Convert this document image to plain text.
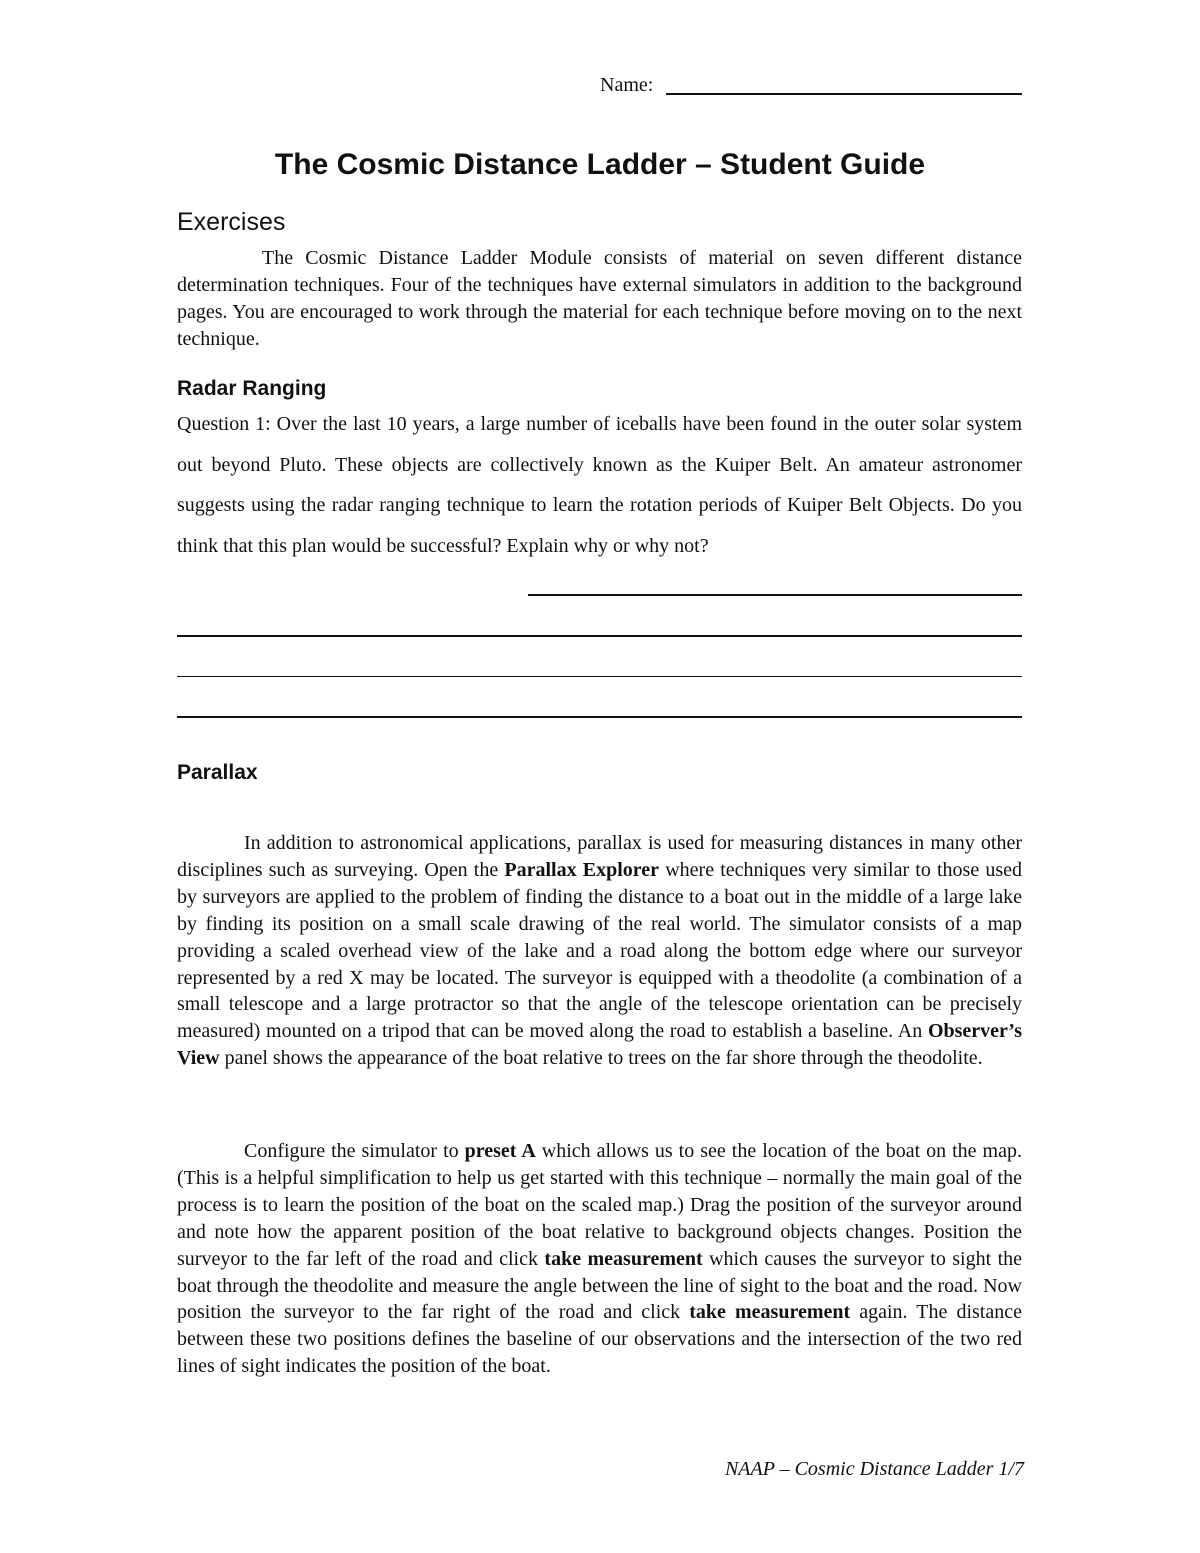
Name:
The Cosmic Distance Ladder – Student Guide
Exercises

The Cosmic Distance Ladder Module consists of material on seven different distance determination techniques. Four of the techniques have external simulators in addition to the background pages. You are encouraged to work through the material for each technique before moving on to the next technique.

Radar Ranging

Question 1: Over the last 10 years, a large number of iceballs have been found in the outer solar system out beyond Pluto. These objects are collectively known as the Kuiper Belt. An amateur astronomer suggests using the radar ranging technique to learn the rotation periods of Kuiper Belt Objects. Do you think that this plan would be successful? Explain why or why not?

Parallax

In addition to astronomical applications, parallax is used for measuring distances in many other disciplines such as surveying. Open the Parallax Explorer where techniques very similar to those used by surveyors are applied to the problem of finding the distance to a boat out in the middle of a large lake by finding its position on a small scale drawing of the real world. The simulator consists of a map providing a scaled overhead view of the lake and a road along the bottom edge where our surveyor represented by a red X may be located. The surveyor is equipped with a theodolite (a combination of a small telescope and a large protractor so that the angle of the telescope orientation can be precisely measured) mounted on a tripod that can be moved along the road to establish a baseline. An Observer’s View panel shows the appearance of the boat relative to trees on the far shore through the theodolite.

Configure the simulator to preset A which allows us to see the location of the boat on the map. (This is a helpful simplification to help us get started with this technique – normally the main goal of the process is to learn the position of the boat on the scaled map.) Drag the position of the surveyor around and note how the apparent position of the boat relative to background objects changes. Position the surveyor to the far left of the road and click take measurement which causes the surveyor to sight the boat through the theodolite and measure the angle between the line of sight to the boat and the road. Now position the surveyor to the far right of the road and click take measurement again. The distance between these two positions defines the baseline of our observations and the intersection of the two red lines of sight indicates the position of the boat.

NAAP – Cosmic Distance Ladder 1/7
